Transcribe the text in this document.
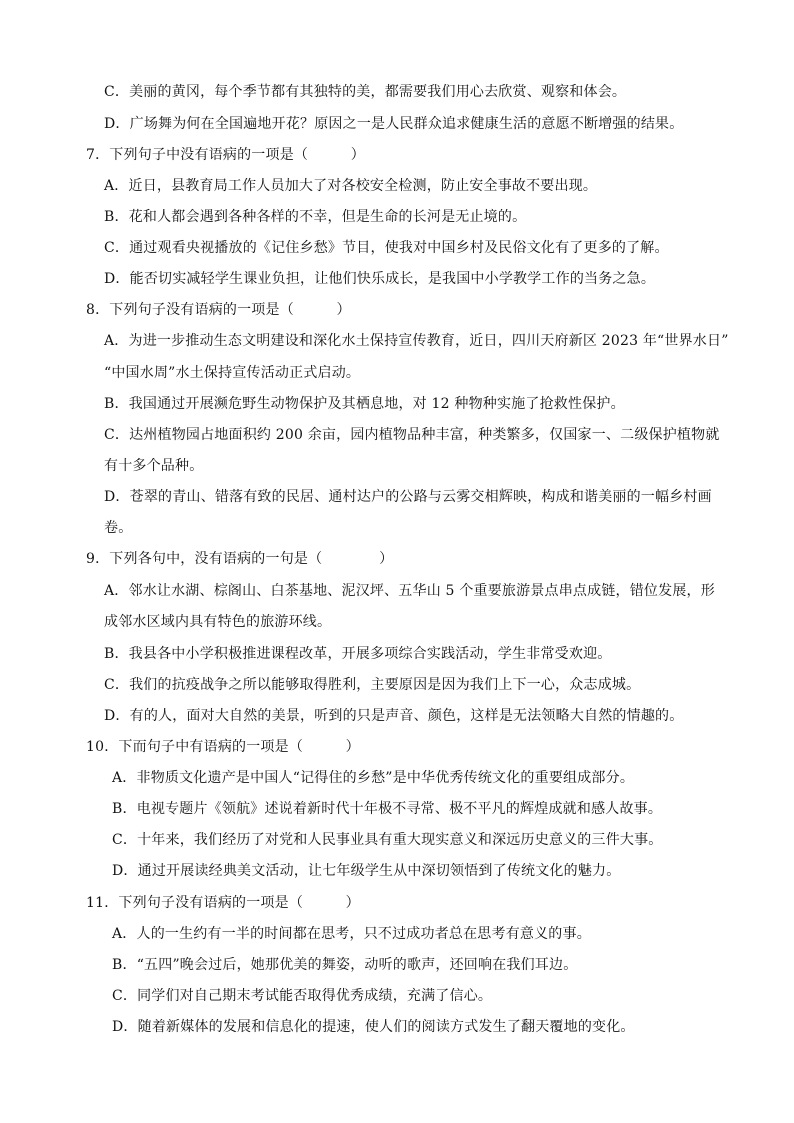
C．美丽的黄冈，每个季节都有其独特的美，都需要我们用心去欣赏、观察和体会。
D．广场舞为何在全国遍地开花？原因之一是人民群众追求健康生活的意愿不断增强的结果。
7．下列句子中没有语病的一项是（　　　）
A．近日，县教育局工作人员加大了对各校安全检测，防止安全事故不要出现。
B．花和人都会遇到各种各样的不幸，但是生命的长河是无止境的。
C．通过观看央视播放的《记住乡愁》节目，使我对中国乡村及民俗文化有了更多的了解。
D．能否切实减轻学生课业负担，让他们快乐成长，是我国中小学教学工作的当务之急。
8．下列句子没有语病的一项是（　　　）
A．为进一步推动生态文明建设和深化水土保持宣传教育，近日，四川天府新区 2023 年“世界水日”
“中国水周”水土保持宣传活动正式启动。
B．我国通过开展濒危野生动物保护及其栖息地，对 12 种物种实施了抢救性保护。
C．达州植物园占地面积约 200 余亩，园内植物品种丰富，种类繁多，仅国家一、二级保护植物就
有十多个品种。
D．苍翠的青山、错落有致的民居、通村达户的公路与云雾交相辉映，构成和谐美丽的一幅乡村画
卷。
9．下列各句中，没有语病的一句是（　　　　）
A．邻水让水湖、棕阁山、白茶基地、泥汉坪、五华山 5 个重要旅游景点串点成链，错位发展，形
成邻水区域内具有特色的旅游环线。
B．我县各中小学积极推进课程改革，开展多项综合实践活动，学生非常受欢迎。
C．我们的抗疫战争之所以能够取得胜利，主要原因是因为我们上下一心，众志成城。
D．有的人，面对大自然的美景，听到的只是声音、颜色，这样是无法领略大自然的情趣的。
10．下而句子中有语病的一项是（　　　）
A．非物质文化遗产是中国人“记得住的乡愁”是中华优秀传统文化的重要组成部分。
B．电视专题片《领航》述说着新时代十年极不寻常、极不平凡的辉煌成就和感人故事。
C．十年来，我们经历了对党和人民事业具有重大现实意义和深远历史意义的三件大事。
D．通过开展读经典美文活动，让七年级学生从中深切领悟到了传统文化的魅力。
11．下列句子没有语病的一项是（　　　）
A．人的一生约有一半的时间都在思考，只不过成功者总在思考有意义的事。
B．“五四”晚会过后，她那优美的舞姿，动听的歌声，还回响在我们耳边。
C．同学们对自己期末考试能否取得优秀成绩，充满了信心。
D．随着新媒体的发展和信息化的提速，使人们的阅读方式发生了翻天覆地的变化。
